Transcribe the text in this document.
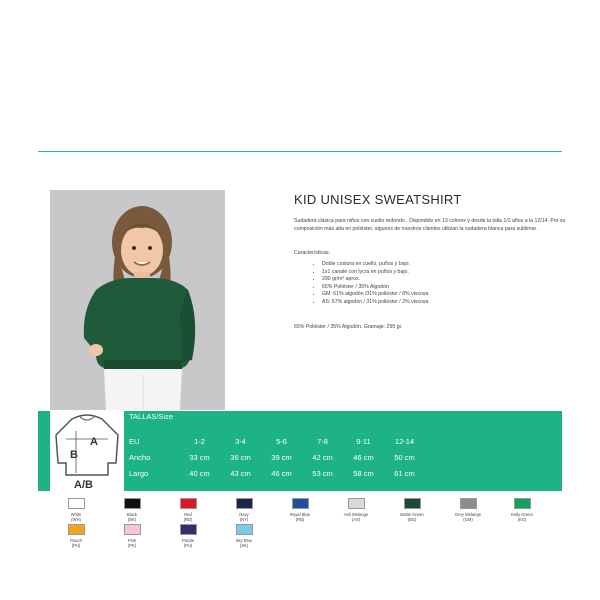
KID UNISEX SWEATSHIRT
Sudadera clásica para niños con cuello redondo . Disponible en 13 colores y desde la talla 1/2 años a la 12/14. Por su composición más alta en poliéster, algunos de nuestros clientes utilizan la sudadera blanca para sublimar .
Características:
• Doble costura en cuello, puños y bajo.
• 1x1 canalé con lycra en puños y bajo.
• 290 gr/m² aprox.
• 65% Poliéster / 35% Algodón
• GM: 61% algodón /31% poliéster / 8% viscosa
• AS: 67% algodón / 31% poliéster / 2% viscosa
65% Poliéster / 35% Algodón. Gramaje: 290 gr.
A
B
A/B
TALLAS/Size
EU	1-2	3-4	5-6	7-8	9-11	12-14
Ancho	33 cm	36 cm	39 cm	42 cm	46 cm	50 cm
Largo	40 cm	43 cm	46 cm	53 cm	58 cm	61 cm
White
(WH)
Black
(BK)
Red
(RD)
Navy
(NY)
Royal Blue
(RB)
Ash Melange
(AS)
Bottle Green
(BG)
Grey Melange
(GM)
Kelly Green
(KG)
Peach
(PH)
Pink
(PK)
Purple
(PU)
Sky Blue
(SK)
